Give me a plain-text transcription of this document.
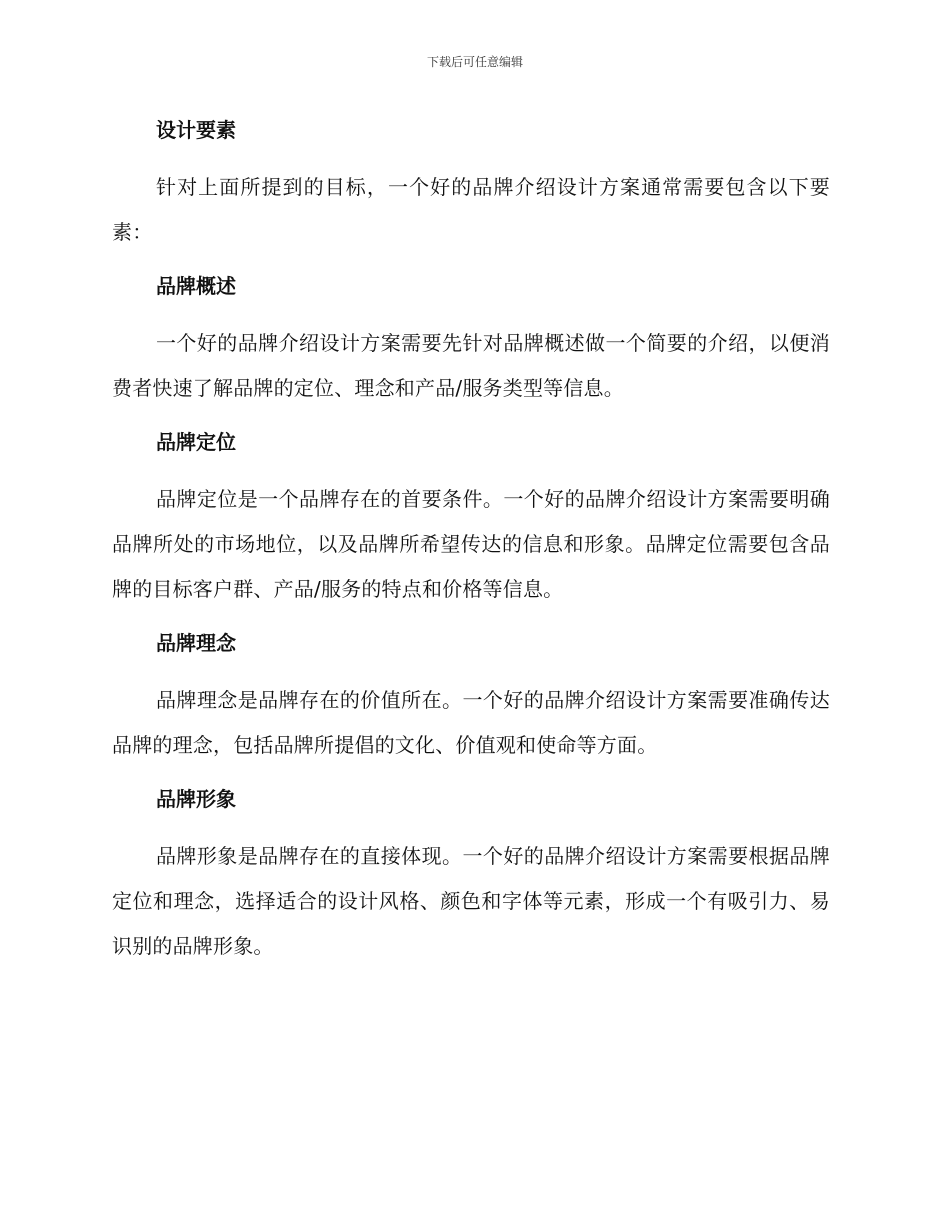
下载后可任意编辑
设计要素

针对上面所提到的目标，一个好的品牌介绍设计方案通常需要包含以下要素：

品牌概述

一个好的品牌介绍设计方案需要先针对品牌概述做一个简要的介绍，以便消费者快速了解品牌的定位、理念和产品/服务类型等信息。

品牌定位

品牌定位是一个品牌存在的首要条件。一个好的品牌介绍设计方案需要明确品牌所处的市场地位，以及品牌所希望传达的信息和形象。品牌定位需要包含品牌的目标客户群、产品/服务的特点和价格等信息。

品牌理念

品牌理念是品牌存在的价值所在。一个好的品牌介绍设计方案需要准确传达品牌的理念，包括品牌所提倡的文化、价值观和使命等方面。

品牌形象

品牌形象是品牌存在的直接体现。一个好的品牌介绍设计方案需要根据品牌定位和理念，选择适合的设计风格、颜色和字体等元素，形成一个有吸引力、易识别的品牌形象。
